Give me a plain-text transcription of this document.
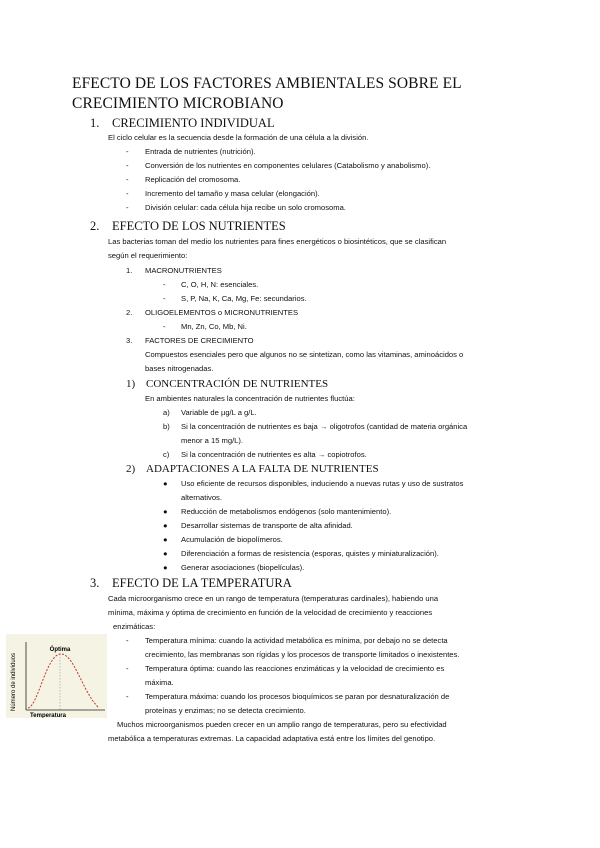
EFECTO DE LOS FACTORES AMBIENTALES SOBRE EL
CRECIMIENTO MICROBIANO
1. CRECIMIENTO INDIVIDUAL
El ciclo celular es la secuencia desde la formación de una célula a la división.
- Entrada de nutrientes (nutrición).
- Conversión de los nutrientes en componentes celulares (Catabolismo y anabolismo).
- Replicación del cromosoma.
- Incremento del tamaño y masa celular (elongación).
- División celular: cada célula hija recibe un solo cromosoma.
2. EFECTO DE LOS NUTRIENTES
Las bacterias toman del medio los nutrientes para fines energéticos o biosintéticos, que se clasifican
según el requerimiento:
1. MACRONUTRIENTES
- C, O, H, N: esenciales.
- S, P, Na, K, Ca, Mg, Fe: secundarios.
2. OLIGOELEMENTOS o MICRONUTRIENTES
- Mn, Zn, Co, Mb, Ni.
3. FACTORES DE CRECIMIENTO
Compuestos esenciales pero que algunos no se sintetizan, como las vitaminas, aminoácidos o
bases nitrogenadas.
1) CONCENTRACIÓN DE NUTRIENTES
En ambientes naturales la concentración de nutrientes fluctúa:
a) Variable de µg/L a g/L.
b) Si la concentración de nutrientes es baja → oligotrofos (cantidad de materia orgánica
menor a 15 mg/L).
c) Si la concentración de nutrientes es alta → copiotrofos.
2) ADAPTACIONES A LA FALTA DE NUTRIENTES
● Uso eficiente de recursos disponibles, induciendo a nuevas rutas y uso de sustratos
alternativos.
● Reducción de metabolismos endógenos (solo mantenimiento).
● Desarrollar sistemas de transporte de alta afinidad.
● Acumulación de biopolímeros.
● Diferenciación a formas de resistencia (esporas, quistes y miniaturalización).
● Generar asociaciones (biopelículas).
3. EFECTO DE LA TEMPERATURA
Cada microorganismo crece en un rango de temperatura (temperaturas cardinales), habiendo una
mínima, máxima y óptima de crecimiento en función de la velocidad de crecimiento y reacciones
enzimáticas:
- Temperatura mínima: cuando la actividad metabólica es mínima, por debajo no se detecta
crecimiento, las membranas son rígidas y los procesos de transporte limitados o inexistentes.
- Temperatura óptima: cuando las reacciones enzimáticas y la velocidad de crecimiento es
máxima.
- Temperatura máxima: cuando los procesos bioquímicos se paran por desnaturalización de
proteínas y enzimas; no se detecta crecimiento.
Muchos microorganismos pueden crecer en un amplio rango de temperaturas, pero su efectividad
metabólica a temperaturas extremas. La capacidad adaptativa está entre los límites del genotipo.
Número de individuos
Óptima
Temperatura
